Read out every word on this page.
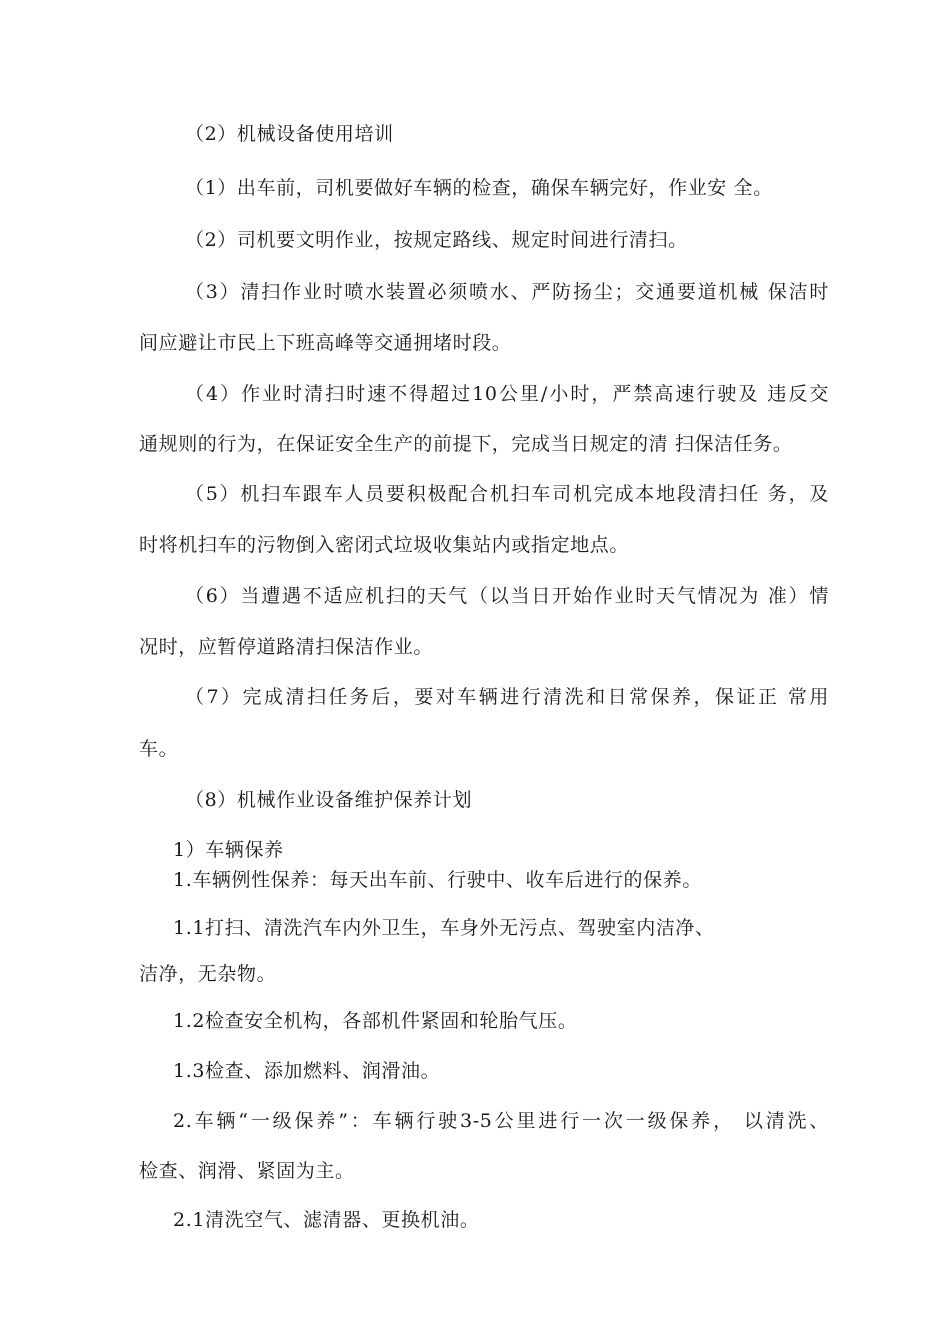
（2）机械设备使用培训
（1）出车前，司机要做好车辆的检查，确保车辆完好，作业安 全。
（2）司机要文明作业，按规定路线、规定时间进行清扫。
（3）清扫作业时喷水装置必须喷水、严防扬尘；交通要道机械 保洁时
间应避让市民上下班高峰等交通拥堵时段。
（4）作业时清扫时速不得超过10公里/小时，严禁高速行驶及 违反交
通规则的行为，在保证安全生产的前提下，完成当日规定的清 扫保洁任务。
（5）机扫车跟车人员要积极配合机扫车司机完成本地段清扫任 务，及
时将机扫车的污物倒入密闭式垃圾收集站内或指定地点。
（6）当遭遇不适应机扫的天气（以当日开始作业时天气情况为 准）情
况时，应暂停道路清扫保洁作业。
（7）完成清扫任务后，要对车辆进行清洗和日常保养，保证正 常用
车。
（8）机械作业设备维护保养计划
1）车辆保养
1.车辆例性保养：每天出车前、行驶中、收车后进行的保养。
1.1打扫、清洗汽车内外卫生，车身外无污点、驾驶室内洁净、
洁净，无杂物。
1.2检查安全机构，各部机件紧固和轮胎气压。
1.3检查、添加燃料、润滑油。
2.车辆“一级保养”：车辆行驶3-5公里进行一次一级保养， 以清洗、
检查、润滑、紧固为主。
2.1清洗空气、滤清器、更换机油。
